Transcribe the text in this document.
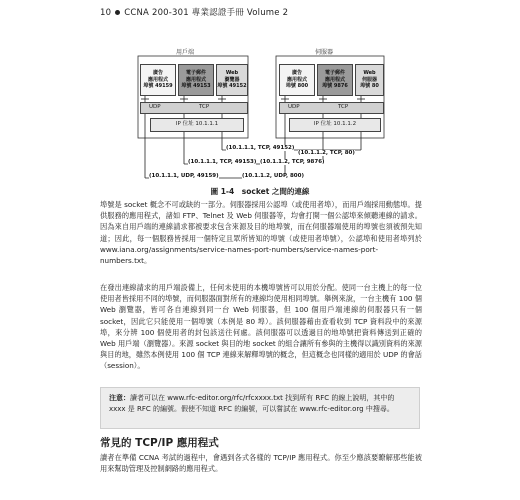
10 CCNA 200-301 專業認證手冊 Volume 2
用戶端	伺服器
廣告
應用程式
埠號 49159
電子郵件
應用程式
埠號 49153
Web
瀏覽器
埠號 49152
廣告
應用程式
埠號 800
電子郵件
應用程式
埠號 9876
Web
伺服器
埠號 80
UDP	TCP	UDP	TCP
IP 位址 10.1.1.1	IP 位址 10.1.1.2
(10.1.1.1, TCP, 49152)
(10.1.1.2, TCP, 80)
(10.1.1.1, TCP, 49153) (10.1.1.2, TCP, 9876)
(10.1.1.1, UDP, 49159)	(10.1.1.2, UDP, 800)
圖 1-4　socket 之間的連線
埠號是 socket 概念不可或缺的一部分。伺服器採用公認埠（或使用者埠），而用戶端採用動態埠。提供服務的應用程式，諸如 FTP、Telnet 及 Web 伺服器等，均會打開一個公認埠來傾聽連線的請求。因為來自用戶端的連線請求都被要求包含來源及目的地埠號，而在伺服器端使用的埠號也須被預先知道；因此，每一個服務皆採用一個特定且眾所皆知的埠號（或使用者埠號），公認埠和使用者埠列於 www.iana.org/assignments/service-names-port-numbers/service-names-port-numbers.txt。
在發出連線請求的用戶端設備上，任何未使用的本機埠號皆可以用於分配。使同一台主機上的每一位使用者皆採用不同的埠號，而伺服器面對所有的連線均使用相同埠號。舉例來說，一台主機有 100 個 Web 瀏覽器，皆可各自連線到同一台 Web 伺服器，但 100 個用戶端連線的伺服器只有一個 socket，因此它只能使用一個埠號（本例是 80 埠）。該伺服器藉由查看收到 TCP 資料段中的來源埠，來分辨 100 個使用者的封包該送往何處。該伺服器可以透過目的地埠號把資料傳送到正確的 Web 用戶端（瀏覽器）。來源 socket 與目的地 socket 的組合讓所有參與的主機得以識別資料的來源與目的地，雖然本例使用 100 個 TCP 連線來解釋埠號的概念，但這概念也同樣的適用於 UDP 的會話（session）。

注意：讀者可以在 www.rfc-editor.org/rfc/rfcxxxx.txt 找到所有 RFC 的線上說明，其中的 xxxx 是 RFC 的編號。假使不知道 RFC 的編號，可以嘗試在 www.rfc-editor.org 中搜尋。

常見的 TCP/IP 應用程式
讀者在準備 CCNA 考試的過程中，會遇到各式各樣的 TCP/IP 應用程式。你至少應該要瞭解那些能被用來幫助管理及控制網路的應用程式。
